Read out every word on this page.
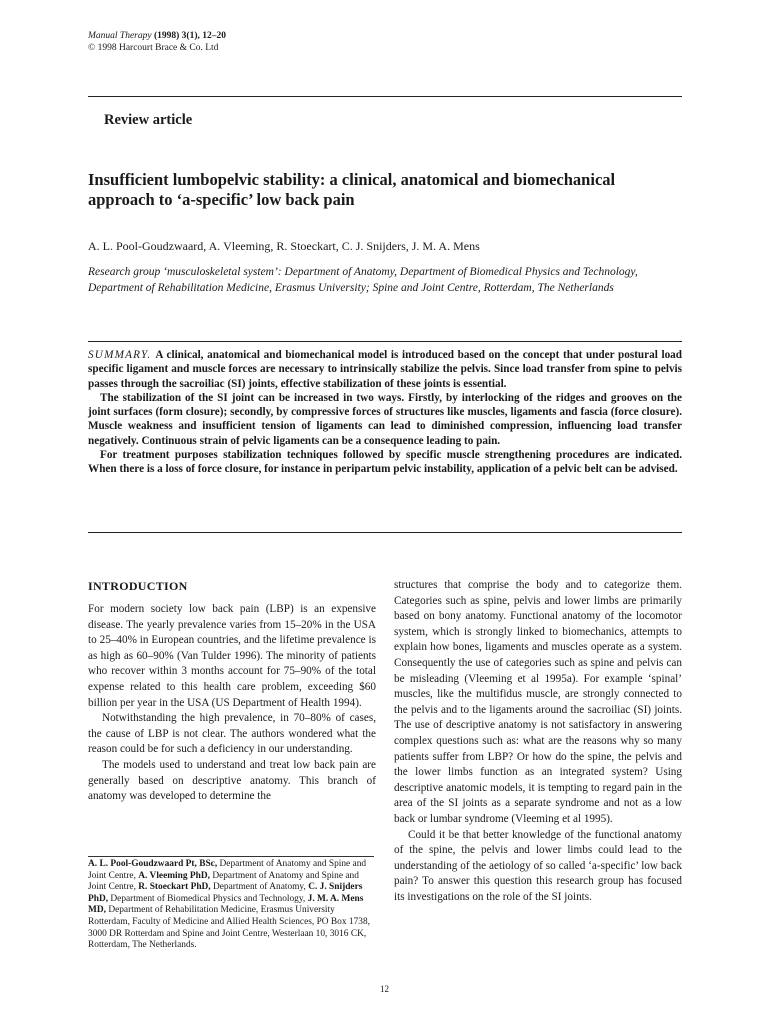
Manual Therapy (1998) 3(1), 12–20
© 1998 Harcourt Brace & Co. Ltd
Review article
Insufficient lumbopelvic stability: a clinical, anatomical and biomechanical approach to ‘a-specific’ low back pain
A. L. Pool-Goudzwaard, A. Vleeming, R. Stoeckart, C. J. Snijders, J. M. A. Mens
Research group ‘musculoskeletal system’: Department of Anatomy, Department of Biomedical Physics and Technology, Department of Rehabilitation Medicine, Erasmus University; Spine and Joint Centre, Rotterdam, The Netherlands

SUMMARY. A clinical, anatomical and biomechanical model is introduced based on the concept that under postural load specific ligament and muscle forces are necessary to intrinsically stabilize the pelvis. Since load transfer from spine to pelvis passes through the sacroiliac (SI) joints, effective stabilization of these joints is essential.

The stabilization of the SI joint can be increased in two ways. Firstly, by interlocking of the ridges and grooves on the joint surfaces (form closure); secondly, by compressive forces of structures like muscles, ligaments and fascia (force closure). Muscle weakness and insufficient tension of ligaments can lead to diminished compression, influencing load transfer negatively. Continuous strain of pelvic ligaments can be a consequence leading to pain.

For treatment purposes stabilization techniques followed by specific muscle strengthening procedures are indicated. When there is a loss of force closure, for instance in peripartum pelvic instability, application of a pelvic belt can be advised.

INTRODUCTION

For modern society low back pain (LBP) is an expensive disease. The yearly prevalence varies from 15–20% in the USA to 25–40% in European countries, and the lifetime prevalence is as high as 60–90% (Van Tulder 1996). The minority of patients who recover within 3 months account for 75–90% of the total expense related to this health care problem, exceeding $60 billion per year in the USA (US Department of Health 1994).

Notwithstanding the high prevalence, in 70–80% of cases, the cause of LBP is not clear. The authors wondered what the reason could be for such a deficiency in our understanding.

The models used to understand and treat low back pain are generally based on descriptive anatomy. This branch of anatomy was developed to determine the

structures that comprise the body and to categorize them. Categories such as spine, pelvis and lower limbs are primarily based on bony anatomy. Functional anatomy of the locomotor system, which is strongly linked to biomechanics, attempts to explain how bones, ligaments and muscles operate as a system. Consequently the use of categories such as spine and pelvis can be misleading (Vleeming et al 1995a). For example ‘spinal’ muscles, like the multifidus muscle, are strongly connected to the pelvis and to the ligaments around the sacroiliac (SI) joints. The use of descriptive anatomy is not satisfactory in answering complex questions such as: what are the reasons why so many patients suffer from LBP? Or how do the spine, the pelvis and the lower limbs function as an integrated system? Using descriptive anatomic models, it is tempting to regard pain in the area of the SI joints as a separate syndrome and not as a low back or lumbar syndrome (Vleeming et al 1995).

Could it be that better knowledge of the functional anatomy of the spine, the pelvis and lower limbs could lead to the understanding of the aetiology of so called ‘a-specific’ low back pain? To answer this question this research group has focused its investigations on the role of the SI joints.

A. L. Pool-Goudzwaard Pt, BSc, Department of Anatomy and Spine and Joint Centre, A. Vleeming PhD, Department of Anatomy and Spine and Joint Centre, R. Stoeckart PhD, Department of Anatomy, C. J. Snijders PhD, Department of Biomedical Physics and Technology, J. M. A. Mens MD, Department of Rehabilitation Medicine, Erasmus University Rotterdam, Faculty of Medicine and Allied Health Sciences, PO Box 1738, 3000 DR Rotterdam and Spine and Joint Centre, Westerlaan 10, 3016 CK, Rotterdam, The Netherlands.
12
